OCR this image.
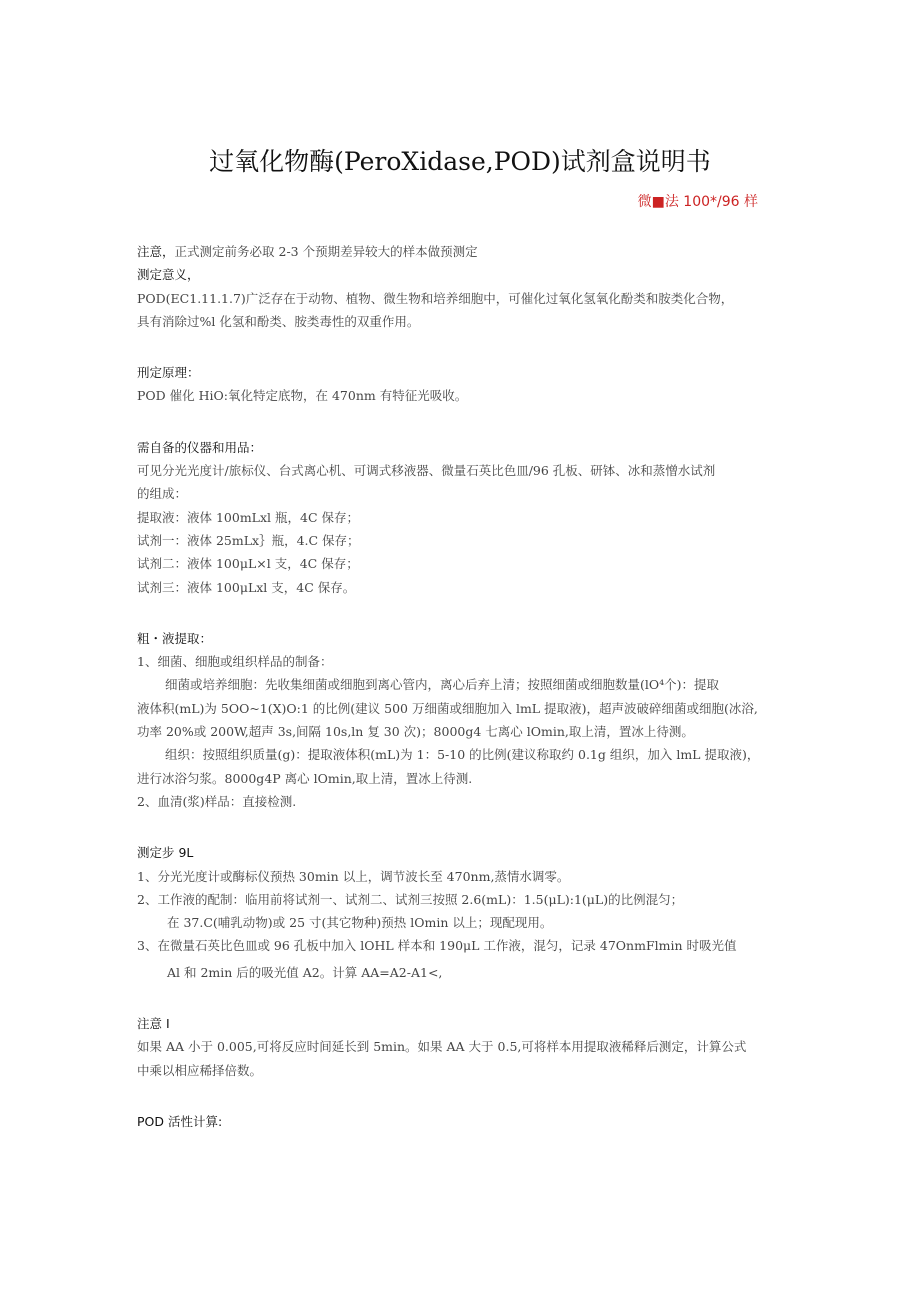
过氧化物酶(PeroXidase,POD)试剂盒说明书
微■法 100*/96 样
注意，正式测定前务必取 2-3 个预期差异较大的样本做预测定
测定意义，
POD(EC1.11.1.7)广泛存在于动物、植物、微生物和培养细胞中，可催化过氧化氢氧化酚类和胺类化合物，
具有消除过%l 化氢和酚类、胺类毒性的双重作用。
刑定原理：
POD 催化 HiO:氧化特定底物，在 470nm 有特征光吸收。
需自备的仪器和用品：
可见分光光度计/旅标仪、台式离心机、可调式移液器、微量石英比色皿/96 孔板、研钵、冰和蒸憎水试剂
的组成：
提取液：液体 100mLxl 瓶，4C 保存；
试剂一：液体 25mLx｝瓶，4.C 保存；
试剂二：液体 100μL×l 支，4C 保存；
试剂三：液体 100μLxl 支，4C 保存。
粗・液提取：
1、细菌、细胞或组织样品的制备：
细菌或培养细胞：先收集细菌或细胞到离心管内，离心后弃上清；按照细菌或细胞数量(lO⁴个)：提取
液体积(mL)为 5OO~1(X)O:1 的比例(建议 500 万细菌或细胞加入 lmL 提取液)，超声波破碎细菌或细胞(冰浴,
功率 20%或 200W,超声 3s,间隔 10s,ln 复 30 次)；8000g4 七离心 lOmin,取上清，置冰上待测。
组织：按照组织质量(g)：提取液体积(mL)为 1：5-10 的比例(建议称取约 0.1g 组织，加入 lmL 提取液)，
进行冰浴匀浆。8000g4P 离心 lOmin,取上清，置冰上待测.
2、血清(浆)样品：直接检测.
测定步 9L
1、分光光度计或酶标仪预热 30min 以上，调节波长至 470nm,蒸情水调零。
2、工作液的配制：临用前将试剂一、试剂二、试剂三按照 2.6(mL)：1.5(μL):1(μL)的比例混匀；
在 37.C(哺乳动物)或 25 寸(其它物种)预热 lOmin 以上；现配现用。
3、在微量石英比色皿或 96 孔板中加入 lOHL 样本和 190μL 工作液，混匀，记录 47OnmFlmin 时吸光值
Al 和 2min 后的吸光值 A2。计算 AA=A2-A1<,
注意 I
如果 AA 小于 0.005,可将反应时间延长到 5min。如果 AA 大于 0.5,可将样本用提取液稀释后测定，计算公式
中乘以相应稀择倍数。
POD 活性计算:
